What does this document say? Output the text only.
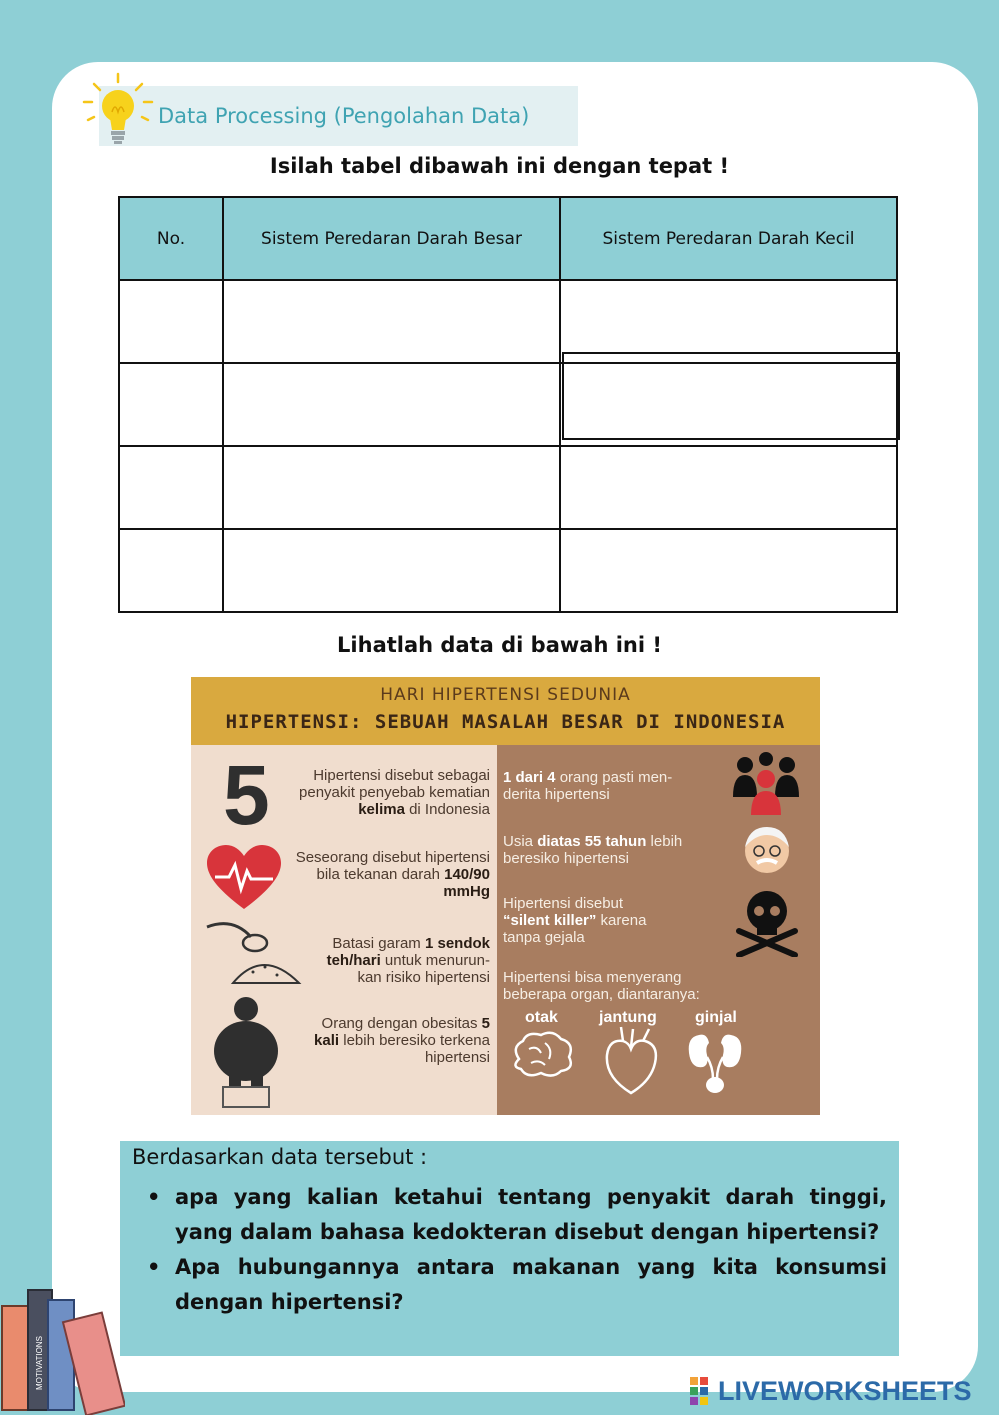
Data Processing (Pengolahan Data)
Isilah tabel dibawah ini dengan tepat !
No.	Sistem Peredaran Darah Besar	Sistem Peredaran Darah Kecil

Lihatlah data di bawah ini !
HARI HIPERTENSI SEDUNIA
HIPERTENSI: SEBUAH MASALAH BESAR DI INDONESIA
5	Hipertensi disebut sebagai
penyakit penyebab kematian
kelima di Indonesia
Seseorang disebut hipertensi
bila tekanan darah 140/90
mmHg
Batasi garam 1 sendok
teh/hari untuk menurun-
kan risiko hipertensi
Orang dengan obesitas 5
kali lebih beresiko terkena
hipertensi
1 dari 4 orang pasti men-
derita hipertensi
Usia diatas 55 tahun lebih
beresiko hipertensi
Hipertensi disebut
“silent killer” karena
tanpa gejala
Hipertensi bisa menyerang
beberapa organ, diantaranya:
otak	jantung ginjal
Berdasarkan data tersebut :
• apa yang kalian ketahui tentang penyakit darah tinggi, yang dalam bahasa kedokteran disebut dengan hipertensi?
• Apa hubungannya antara makanan yang kita konsumsi dengan hipertensi?
MOTIVATIONS
LIVEWORKSHEETS
